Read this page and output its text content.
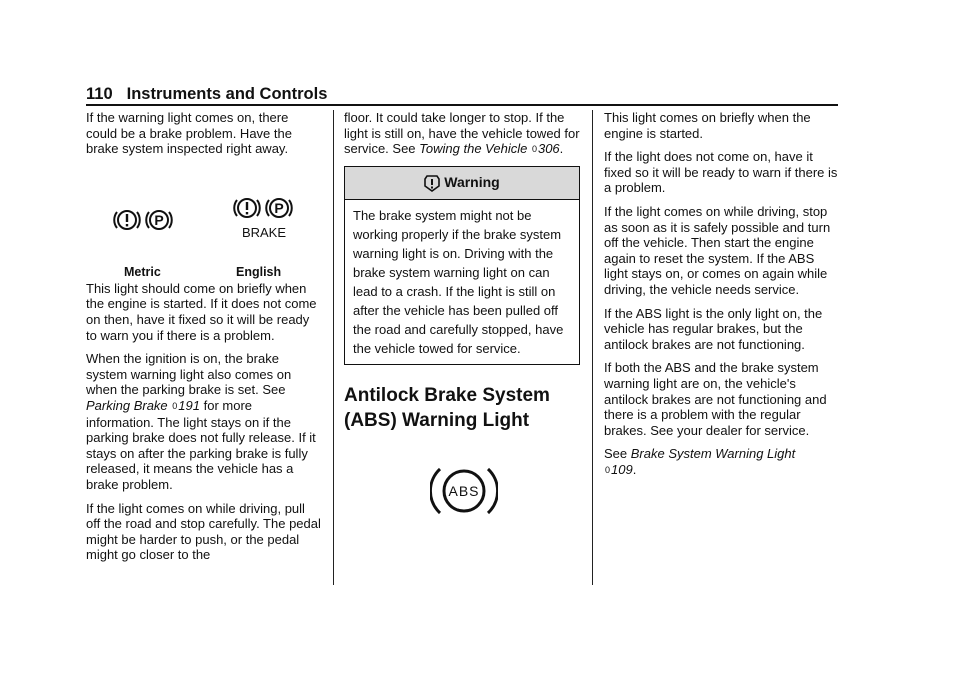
110 Instruments and Controls

If the warning light comes on, there could be a brake problem. Have the brake system inspected right away.

P
P
BRAKE
Metric	English

This light should come on briefly when the engine is started. If it does not come on then, have it fixed so it will be ready to warn you if there is a problem.

When the ignition is on, the brake system warning light also comes on when the parking brake is set. See Parking Brake 0191 for more information. The light stays on if the parking brake does not fully release. If it stays on after the parking brake is fully released, it means the vehicle has a brake problem.

If the light comes on while driving, pull off the road and stop carefully. The pedal might be harder to push, or the pedal might go closer to the

floor. It could take longer to stop. If the light is still on, have the vehicle towed for service. See Towing the Vehicle 0306.

Warning
The brake system might not be working properly if the brake system warning light is on. Driving with the brake system warning light on can lead to a crash. If the light is still on after the vehicle has been pulled off the road and carefully stopped, have the vehicle towed for service.
Antilock Brake System (ABS) Warning Light
ABS

This light comes on briefly when the engine is started.

If the light does not come on, have it fixed so it will be ready to warn if there is a problem.

If the light comes on while driving, stop as soon as it is safely possible and turn off the vehicle. Then start the engine again to reset the system. If the ABS light stays on, or comes on again while driving, the vehicle needs service.

If the ABS light is the only light on, the vehicle has regular brakes, but the antilock brakes are not functioning.

If both the ABS and the brake system warning light are on, the vehicle's antilock brakes are not functioning and there is a problem with the regular brakes. See your dealer for service.

See Brake System Warning Light
0109.
